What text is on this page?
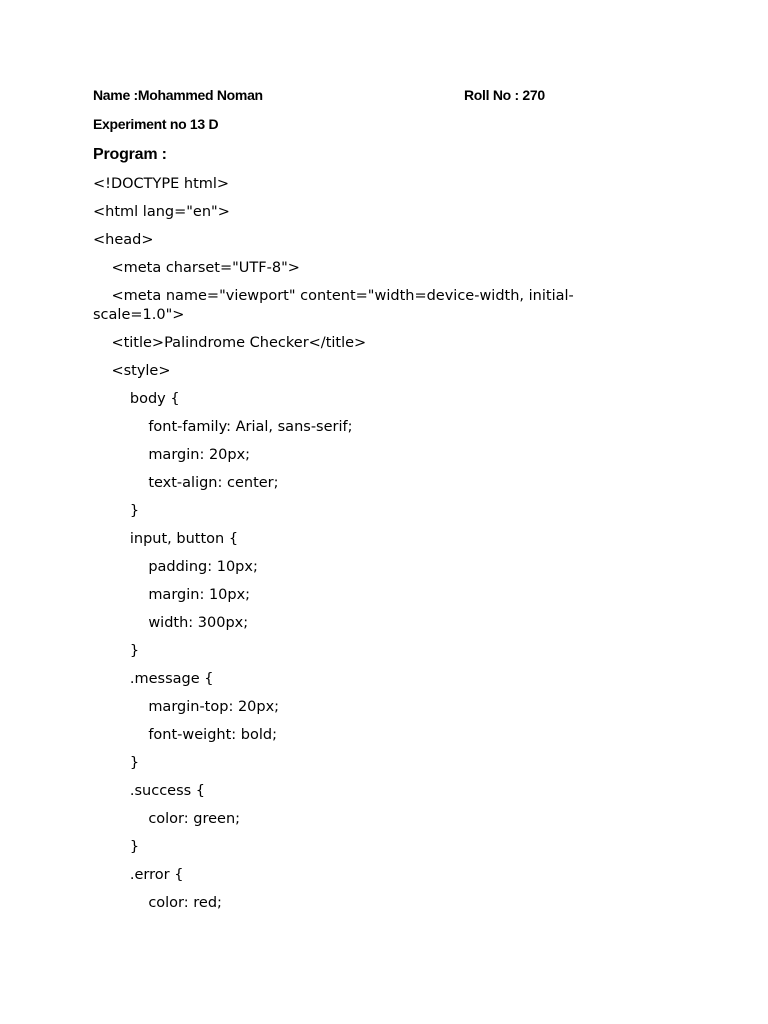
Name :Mohammed Noman	Roll No : 270
Experiment no 13 D
Program :
<!DOCTYPE html>
<html lang="en">
<head>
<meta charset="UTF-8">
<meta name="viewport" content="width=device-width, initial-scale=1.0">
<title>Palindrome Checker</title>
<style>
body {
font-family: Arial, sans-serif;
margin: 20px;
text-align: center;
}
input, button {
padding: 10px;
margin: 10px;
width: 300px;
}
.message {
margin-top: 20px;
font-weight: bold;
}
.success {
color: green;
}
.error {
color: red;
